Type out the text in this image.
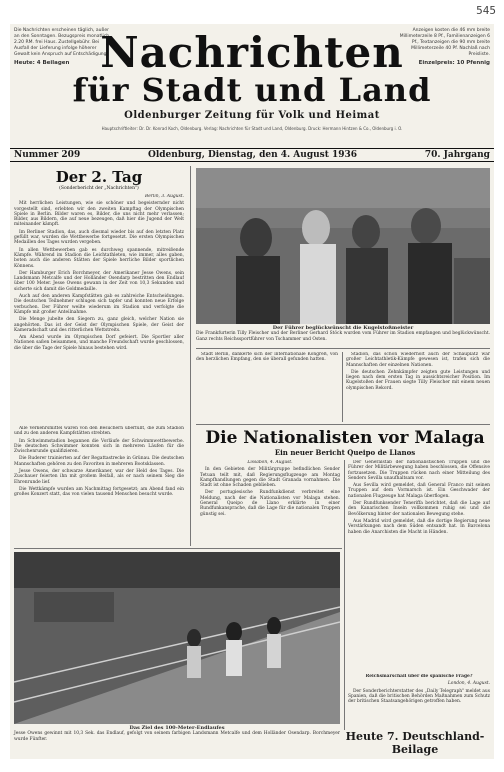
545
Die Nachrichten erscheinen täglich, außer an den Sonntagen. Bezugspreis monatlich 2.20 RM. frei Haus. Zustellgebühr. Bei Ausfall der Lieferung infolge höherer Gewalt kein Anspruch auf Entschädigung.
Heute: 4 Beilagen Nachrichten
für Stadt und Land
Anzeigen kosten die 46 mm breite Millimeterzeile 8 Pf., Familienanzeigen 6 Pf., Textanzeigen die 90 mm breite Millimeterzeile 40 Pf. Nachlaß nach Preisliste.
Einzelpreis: 10 Pfennig
Oldenburger Zeitung für Volk und Heimat
Hauptschriftleiter: Dr. Dr. Konrad Koch, Oldenburg. Verlag: Nachrichten für Stadt und Land, Oldenburg. Druck: Hermann Hintzen & Co., Oldenburg i. O.
Nummer 209	Oldenburg, Dienstag, den 4. August 1936	70. Jahrgang
Der 2. Tag
(Sonderbericht der „Nachrichten")

Berlin, 3. August.

Mit herrlichen Leistungen, wie sie schöner und begeisternder nicht vorgestellt sind, erlebten wir den zweiten Kampftag der Olympischen Spiele in Berlin. Bilder waren es, Bilder, die uns nicht mehr verlassen; Bilder, aus Bildern, die auf neue bezeugen, daß hier die Jugend der Welt miteinander kämpft.

Im Berliner Stadion, das, auch diesmal wieder bis auf den letzten Platz gefüllt war, wurden die Wettbewerbe fortgesetzt. Die ersten Olympischen Medaillen des Tages wurden vergeben.

In allen Wettbewerben gab es durchweg spannende, mitreißende Kämpfe. Während im Stadion die Leichtathleten, wie immer, alles gaben, boten auch die anderen Stätten der Spiele herrliche Bilder sportlichen Könnens.

Der Hamburger Erich Borchmeyer, der Amerikaner Jesse Owens, sein Landsmann Metcalfe und der Holländer Osendarp bestritten den Endlauf über 100 Meter. Jesse Owens gewann in der Zeit von 10,3 Sekunden und sicherte sich damit die Goldmedaille.

Auch auf den anderen Kampfstätten gab es zahlreiche Entscheidungen. Die deutschen Teilnehmer schlugen sich tapfer und konnten neue Erfolge verbuchen. Der Führer weilte wiederum im Stadion und verfolgte die Kämpfe mit großer Anteilnahme.

Die Menge jubelte den Siegern zu, ganz gleich, welcher Nation sie angehörten. Das ist der Geist der Olympischen Spiele, der Geist der Kameradschaft und des ritterlichen Wettstreits.

Am Abend wurde im Olympischen Dorf gefeiert. Die Sportler aller Nationen saßen beisammen, und manche Freundschaft wurde geschlossen, die über die Tage der Spiele hinaus bestehen wird.

Alle Verkehrsmittel waren von den Besuchern überfüllt, die zum Stadion und zu den anderen Kampfstätten strebten.

Im Schwimmstadion begannen die Vorläufe der Schwimmwettbewerbe. Die deutschen Schwimmer konnten sich in mehreren Läufen für die Zwischenrunde qualifizieren.

Die Ruderer trainierten auf der Regattastrecke in Grünau. Die deutschen Mannschaften gehören zu den Favoriten in mehreren Bootsklassen.

Jesse Owens, der schwarze Amerikaner, war der Held des Tages. Die Zuschauer feierten ihn mit großem Beifall, als er nach seinem Sieg die Ehrenrunde lief.

Die Wettkämpfe wurden am Nachmittag fortgesetzt; am Abend fand ein großes Konzert statt, das von vielen tausend Menschen besucht wurde.

Der Führer beglückwünscht die Kugelstoßmeister
Die Frankfurterin Tilly Fleischer und der Berliner Gerhard Stöck wurden vom Führer im Stadion empfangen und beglückwünscht. Ganz rechts Reichssportführer von Tschammer und Osten.

Stadt Berlin, dankerte sich der internationale Kongreß, von den herzlichen Empfang, den sie überall gefunden hatten.

Stadion, das schon wiederholt auch der Schauplatz war großer Leichtathletik-Kämpfe gewesen ist, trafen sich die Mannschaften der einzelnen Nationen.

Die deutschen Zehnkämpfer zeigten gute Leistungen und liegen nach dem ersten Tag in aussichtsreicher Position. Im Kugelstoßen der Frauen siegte Tilly Fleischer mit einem neuen olympischen Rekord.

Die Nationalisten vor Malaga
Ein neuer Bericht Queipo de Llanos

Lissabon, 4. August.

In den Gebieten der Militärgruppe befindlichen Sender Tetuan teilt mit, daß Regierungsflugzeuge am Montag Kampfhandlungen gegen die Stadt Granada vornahmen. Die Stadt ist ohne Schaden geblieben.

Der portugiesische Rundfunkdienst verbreitet eine Meldung, nach der die Nationalisten vor Malaga stehen. General Queipo de Llano erklärte in einer Rundfunkansprache, daß die Lage für die nationalen Truppen günstig sei.

Der Generalstab der nationalistischen Truppen und die Führer der Militärbewegung haben beschlossen, die Offensive fortzusetzen. Die Truppen rücken nach einer Mitteilung des Senders Sevilla unaufhaltsam vor.

Aus Sevilla wird gemeldet, daß General Franco mit seinen Truppen auf dem Vormarsch ist. Ein Geschwader der nationalen Flugzeuge hat Malaga überflogen.

Der Rundfunksender Teneriffa berichtet, daß die Lage auf den Kanarischen Inseln vollkommen ruhig sei und die Bevölkerung hinter der nationalen Bewegung stehe.

Aus Madrid wird gemeldet, daß die dortige Regierung neue Verstärkungen nach dem Süden entsandt hat. In Barcelona haben die Anarchisten die Macht in Händen.

Reichsmarschall über die spanische Frage?

London, 4. August.

Der Sonderberichterstatter des „Daily Telegraph" meldet aus Spanien, daß die britischen Behörden Maßnahmen zum Schutz der britischen Staatsangehörigen getroffen haben.

Heute 7. Deutschland-Beilage
Das Ziel des 100-Meter-Endlaufes
Jesse Owens gewinnt mit 10,3 Sek. das Endlauf, gefolgt von seinem farbigen Landsmann Metcalfe und dem Holländer Osendarp. Borchmeyer wurde Fünfter.
